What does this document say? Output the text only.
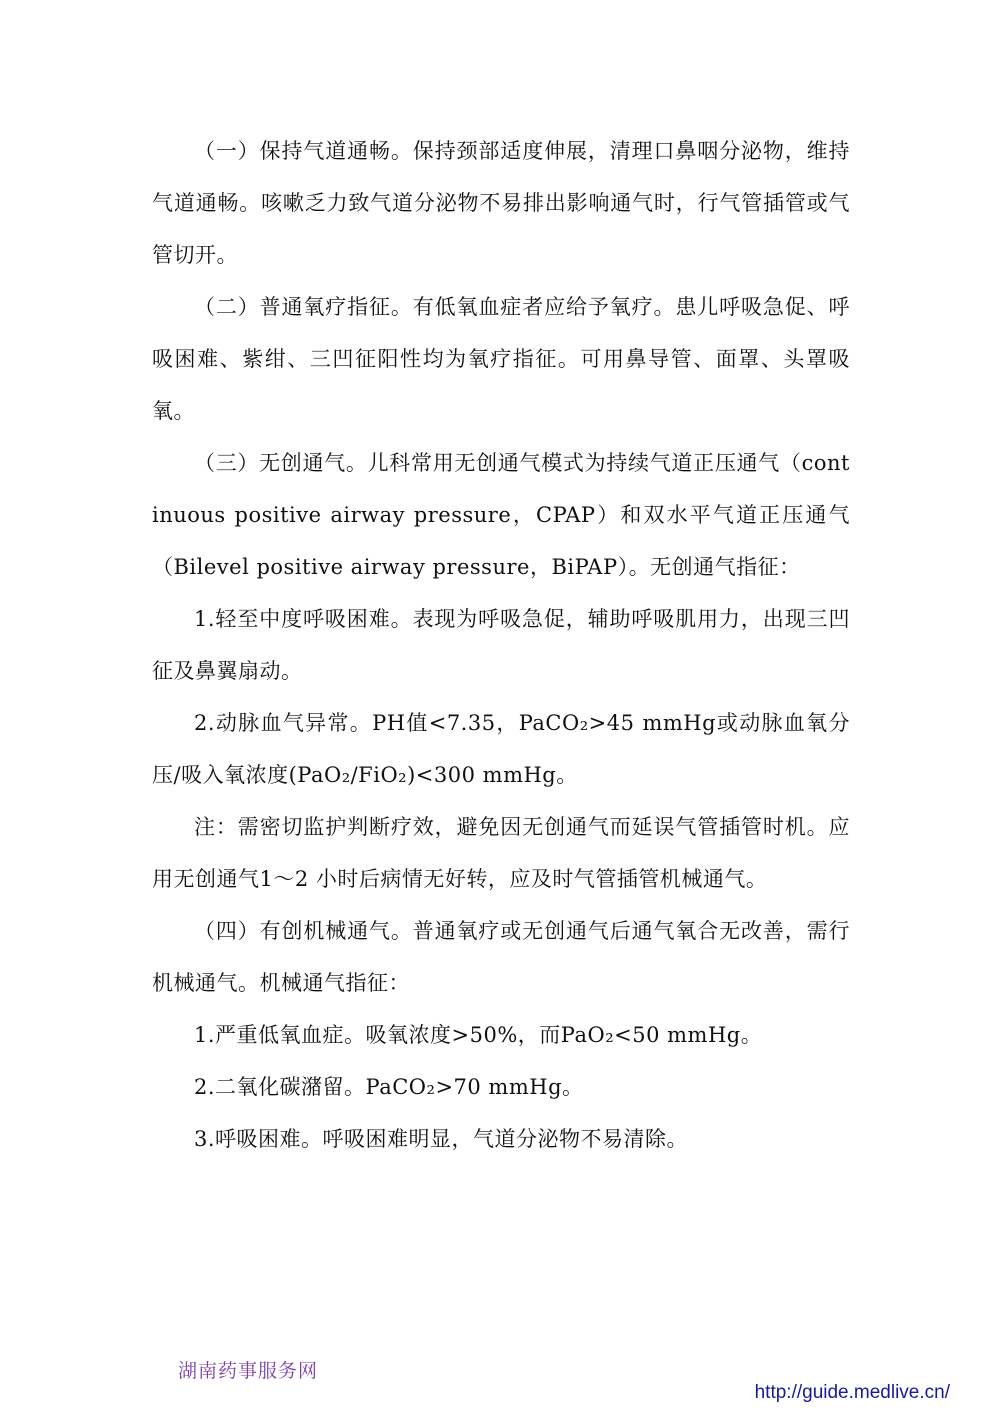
（一）保持气道通畅。保持颈部适度伸展，清理口鼻咽分泌物，维持气道通畅。咳嗽乏力致气道分泌物不易排出影响通气时，行气管插管或气管切开。

（二）普通氧疗指征。有低氧血症者应给予氧疗。患儿呼吸急促、呼吸困难、紫绀、三凹征阳性均为氧疗指征。可用鼻导管、面罩、头罩吸氧。

（三）无创通气。儿科常用无创通气模式为持续气道正压通气（continuous positive airway pressure，CPAP）和双水平气道正压通气（Bilevel positive airway pressure，BiPAP）。无创通气指征：

1.轻至中度呼吸困难。表现为呼吸急促，辅助呼吸肌用力，出现三凹征及鼻翼扇动。

2.动脉血气异常。PH值<7.35，PaCO₂>45 mmHg或动脉血氧分压/吸入氧浓度(PaO₂/FiO₂)<300 mmHg。

注：需密切监护判断疗效，避免因无创通气而延误气管插管时机。应用无创通气1～2 小时后病情无好转，应及时气管插管机械通气。

（四）有创机械通气。普通氧疗或无创通气后通气氧合无改善，需行机械通气。机械通气指征：

1.严重低氧血症。吸氧浓度>50%，而PaO₂<50 mmHg。

2.二氧化碳潴留。PaCO₂>70 mmHg。

3.呼吸困难。呼吸困难明显，气道分泌物不易清除。

湖南药事服务网
http://guide.medlive.cn/
